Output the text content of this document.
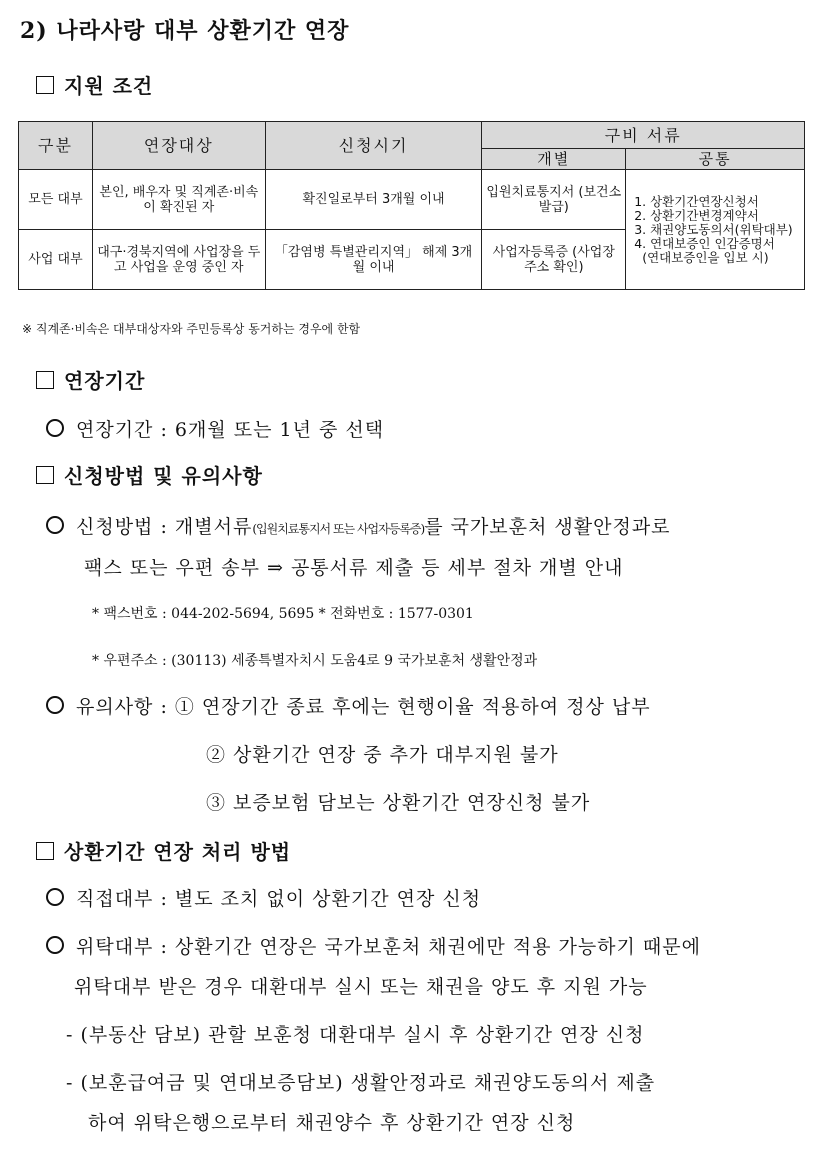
2) 나라사랑 대부 상환기간 연장
지원 조건
구분	연장대상	신청시기	구비 서류	
			개별	공통
모든 대부	본인, 배우자 및 직계존·비속이 확진된 자	확진일로부터 3개월 이내	입원치료통지서 (보건소 발급)	1. 상환기간연장신청서
2. 상환기간변경계약서
3. 채권양도동의서(위탁대부)
4. 연대보증인 인감증명서
(연대보증인을 입보 시)

사업 대부	대구·경북지역에 사업장을 두고 사업을 운영 중인 자	「감염병 특별관리지역」 해제 3개월 이내	사업자등록증 (사업장 주소 확인)	
※ 직계존·비속은 대부대상자와 주민등록상 동거하는 경우에 한함
연장기간
연장기간 : 6개월 또는 1년 중 선택
신청방법 및 유의사항
신청방법 : 개별서류(입원치료통지서 또는 사업자등록증)를 국가보훈처 생활안정과로
팩스 또는 우편 송부 ⇒ 공통서류 제출 등 세부 절차 개별 안내
* 팩스번호 : 044-202-5694, 5695 * 전화번호 : 1577-0301
* 우편주소 : (30113) 세종특별자치시 도움4로 9 국가보훈처 생활안정과
유의사항 : ① 연장기간 종료 후에는 현행이율 적용하여 정상 납부
② 상환기간 연장 중 추가 대부지원 불가
③ 보증보험 담보는 상환기간 연장신청 불가
상환기간 연장 처리 방법
직접대부 : 별도 조치 없이 상환기간 연장 신청
위탁대부 : 상환기간 연장은 국가보훈처 채권에만 적용 가능하기 때문에
위탁대부 받은 경우 대환대부 실시 또는 채권을 양도 후 지원 가능
- (부동산 담보) 관할 보훈청 대환대부 실시 후 상환기간 연장 신청
- (보훈급여금 및 연대보증담보) 생활안정과로 채권양도동의서 제출
하여 위탁은행으로부터 채권양수 후 상환기간 연장 신청
